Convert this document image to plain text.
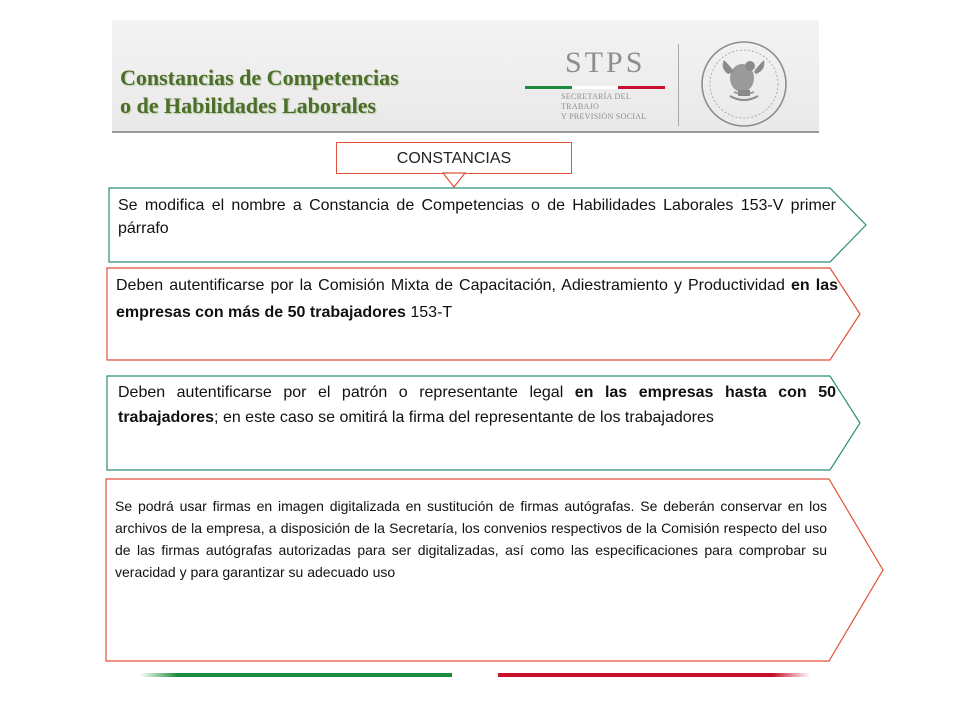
Constancias de Competencias
o de Habilidades Laborales
STPS
SECRETARÍA DEL TRABAJO
Y PREVISIÓN SOCIAL
CONSTANCIAS
Se modifica el nombre a Constancia de Competencias o de Habilidades Laborales 153-V primer párrafo
Deben autentificarse por la Comisión Mixta de Capacitación, Adiestramiento y Productividad en las empresas con más de 50 trabajadores 153-T
Deben autentificarse por el patrón o representante legal en las empresas hasta con 50 trabajadores; en este caso se omitirá la firma del representante de los trabajadores
Se podrá usar firmas en imagen digitalizada en sustitución de firmas autógrafas. Se deberán conservar en los archivos de la empresa, a disposición de la Secretaría, los convenios respectivos de la Comisión respecto del uso de las firmas autógrafas autorizadas para ser digitalizadas, así como las especificaciones para comprobar su veracidad y para garantizar su adecuado uso
